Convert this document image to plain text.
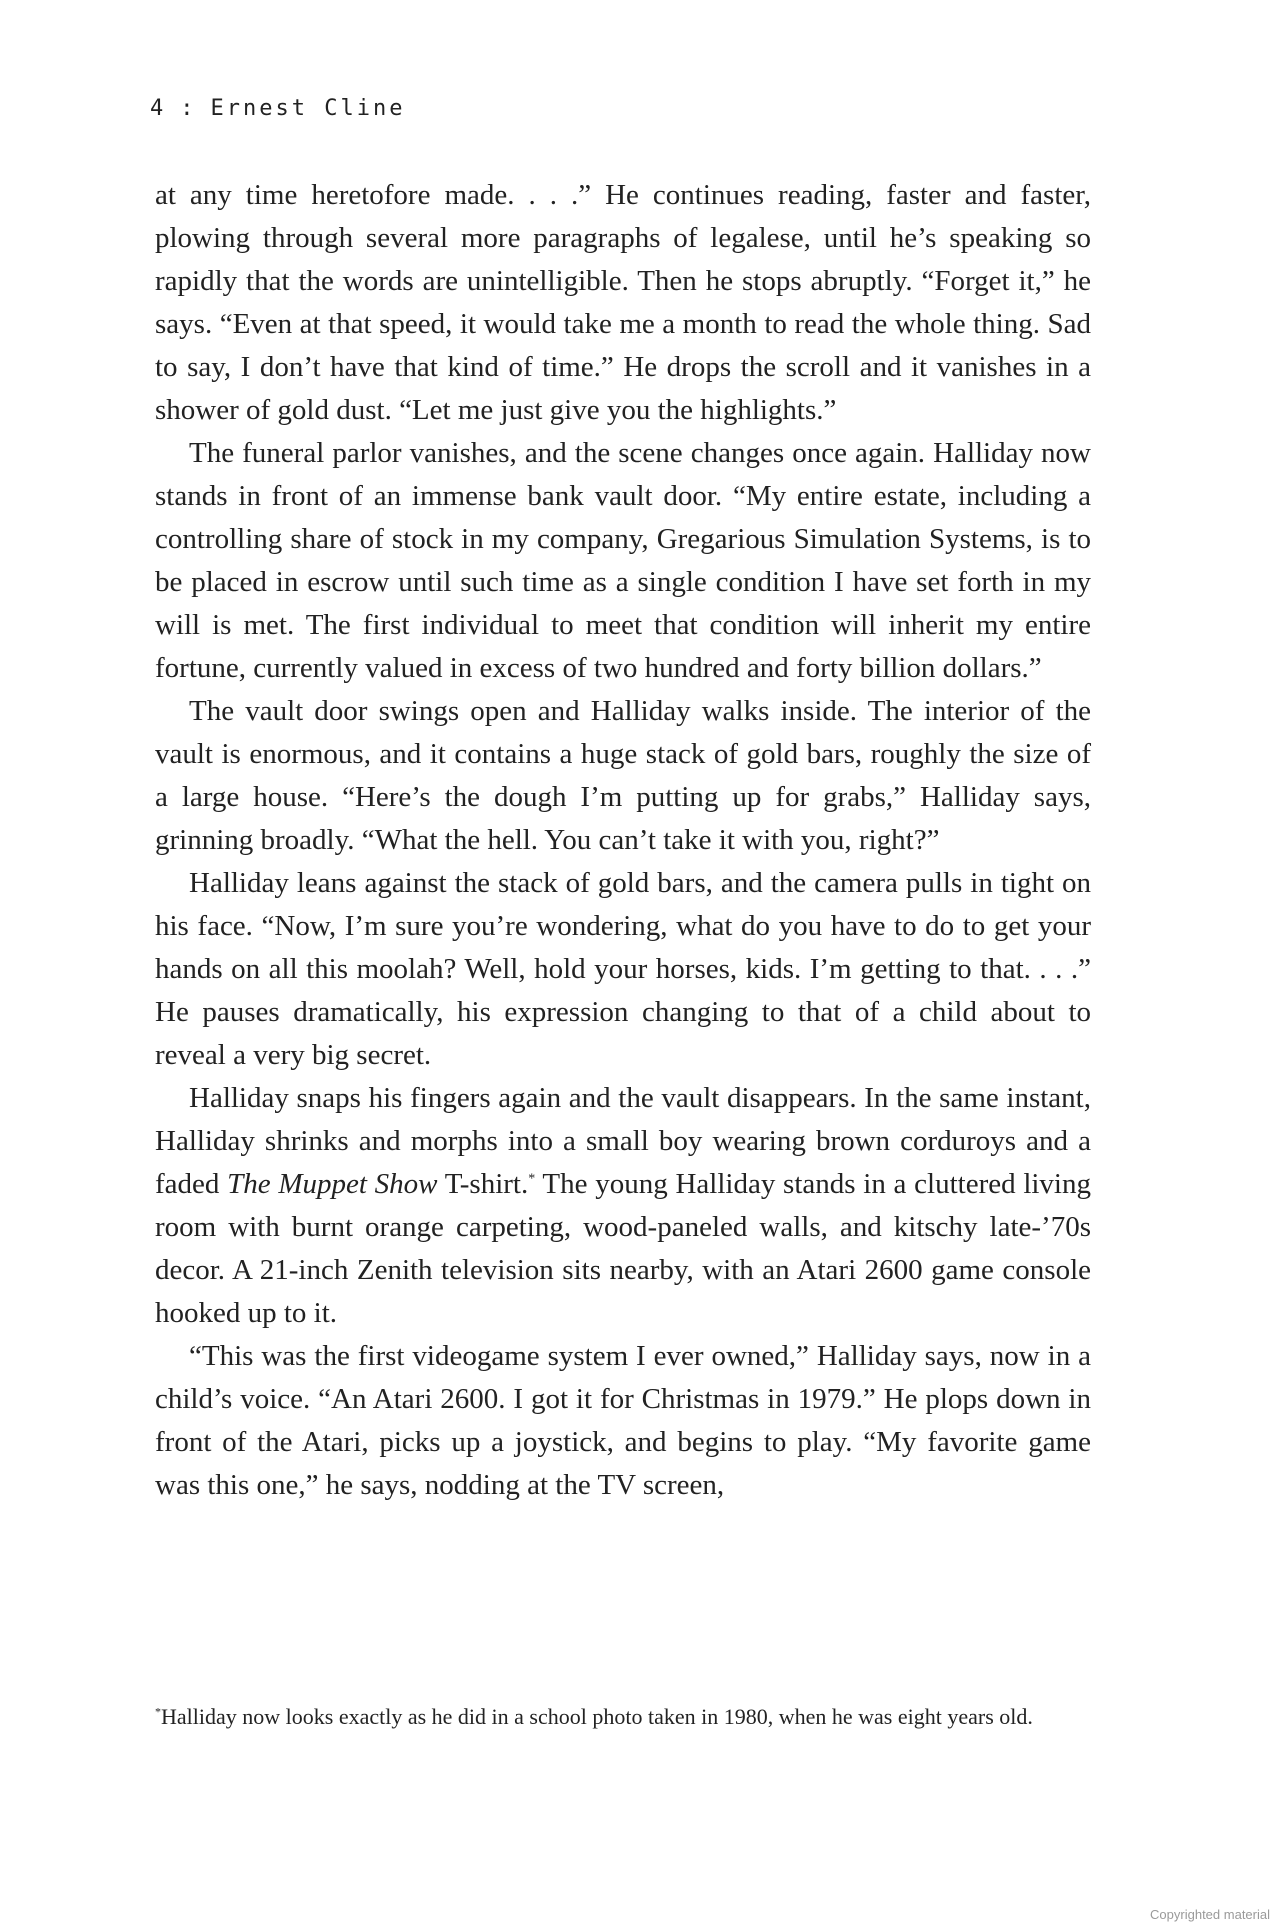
4 : Ernest Cline

at any time heretofore made. . . .” He continues reading, faster and faster, plowing through several more paragraphs of legalese, until he’s speaking so rapidly that the words are unintelligible. Then he stops abruptly. “Forget it,” he says. “Even at that speed, it would take me a month to read the whole thing. Sad to say, I don’t have that kind of time.” He drops the scroll and it vanishes in a shower of gold dust. “Let me just give you the highlights.”

The funeral parlor vanishes, and the scene changes once again. Halliday now stands in front of an immense bank vault door. “My entire estate, including a controlling share of stock in my company, Gregarious Simulation Systems, is to be placed in escrow until such time as a single condition I have set forth in my will is met. The first individual to meet that condition will inherit my entire fortune, currently valued in excess of two hundred and forty billion dollars.”

The vault door swings open and Halliday walks inside. The interior of the vault is enormous, and it contains a huge stack of gold bars, roughly the size of a large house. “Here’s the dough I’m putting up for grabs,” Halliday says, grinning broadly. “What the hell. You can’t take it with you, right?”

Halliday leans against the stack of gold bars, and the camera pulls in tight on his face. “Now, I’m sure you’re wondering, what do you have to do to get your hands on all this moolah? Well, hold your horses, kids. I’m getting to that. . . .” He pauses dramatically, his expression changing to that of a child about to reveal a very big secret.

Halliday snaps his fingers again and the vault disappears. In the same instant, Halliday shrinks and morphs into a small boy wearing brown corduroys and a faded The Muppet Show T-shirt.* The young Halliday stands in a cluttered living room with burnt orange carpeting, wood-paneled walls, and kitschy late-’70s decor. A 21-inch Zenith television sits nearby, with an Atari 2600 game console hooked up to it.

“This was the first videogame system I ever owned,” Halliday says, now in a child’s voice. “An Atari 2600. I got it for Christmas in 1979.” He plops down in front of the Atari, picks up a joystick, and begins to play. “My favorite game was this one,” he says, nodding at the TV screen,

*Halliday now looks exactly as he did in a school photo taken in 1980, when he was eight years old.
Copyrighted material
